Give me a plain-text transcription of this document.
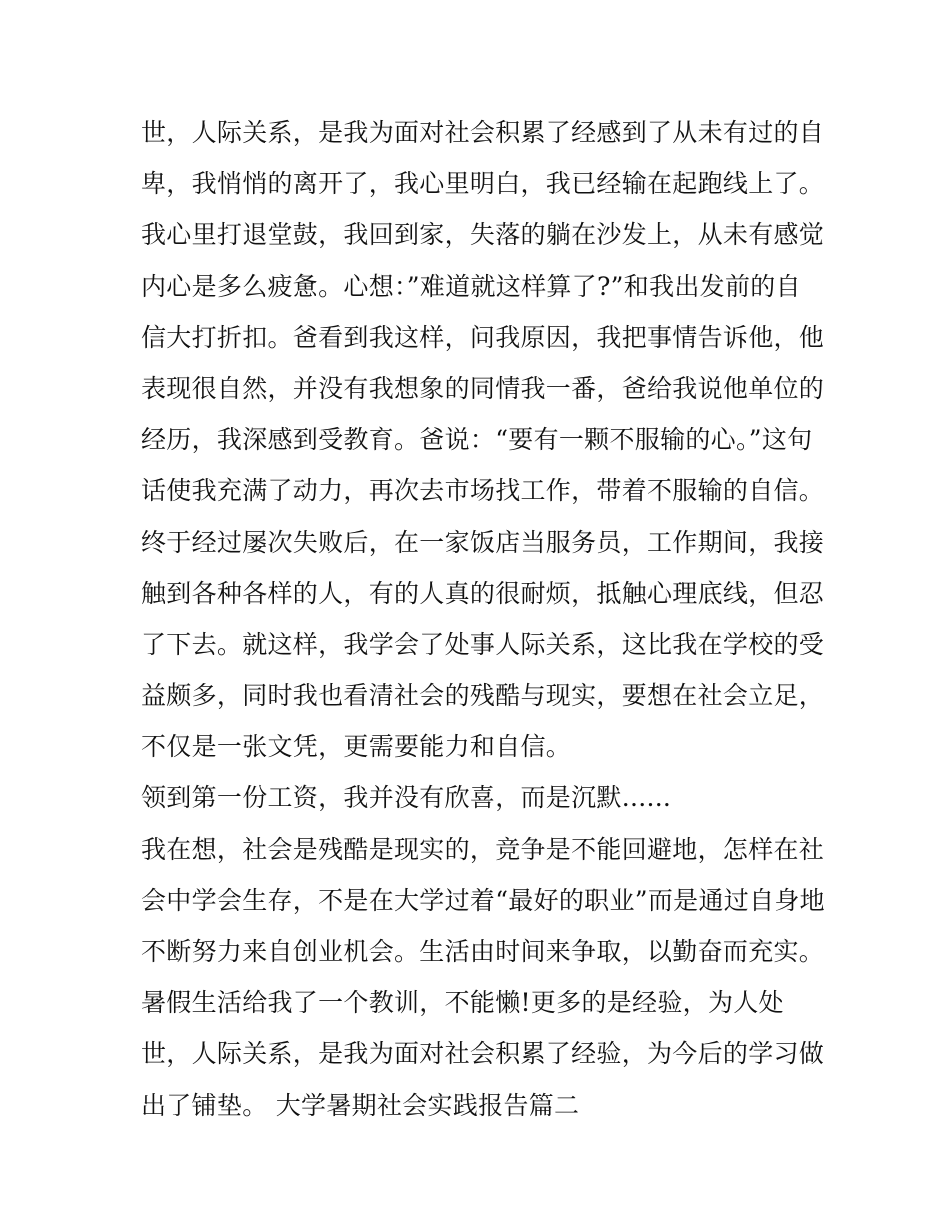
世，人际关系，是我为面对社会积累了经感到了从未有过的自
卑，我悄悄的离开了，我心里明白，我已经输在起跑线上了。
我心里打退堂鼓，我回到家，失落的躺在沙发上，从未有感觉
内心是多么疲惫。心想：”难道就这样算了?”和我出发前的自
信大打折扣。爸看到我这样，问我原因，我把事情告诉他，他
表现很自然，并没有我想象的同情我一番，爸给我说他单位的
经历，我深感到受教育。爸说：“要有一颗不服输的心。”这句
话使我充满了动力，再次去市场找工作，带着不服输的自信。
终于经过屡次失败后，在一家饭店当服务员，工作期间，我接
触到各种各样的人，有的人真的很耐烦，抵触心理底线，但忍
了下去。就这样，我学会了处事人际关系，这比我在学校的受
益颇多，同时我也看清社会的残酷与现实，要想在社会立足，
不仅是一张文凭，更需要能力和自信。
领到第一份工资，我并没有欣喜，而是沉默......
我在想，社会是残酷是现实的，竞争是不能回避地，怎样在社
会中学会生存，不是在大学过着“最好的职业”而是通过自身地
不断努力来自创业机会。生活由时间来争取，以勤奋而充实。
暑假生活给我了一个教训，不能懒!更多的是经验，为人处
世，人际关系，是我为面对社会积累了经验，为今后的学习做
出了铺垫。 大学暑期社会实践报告篇二
